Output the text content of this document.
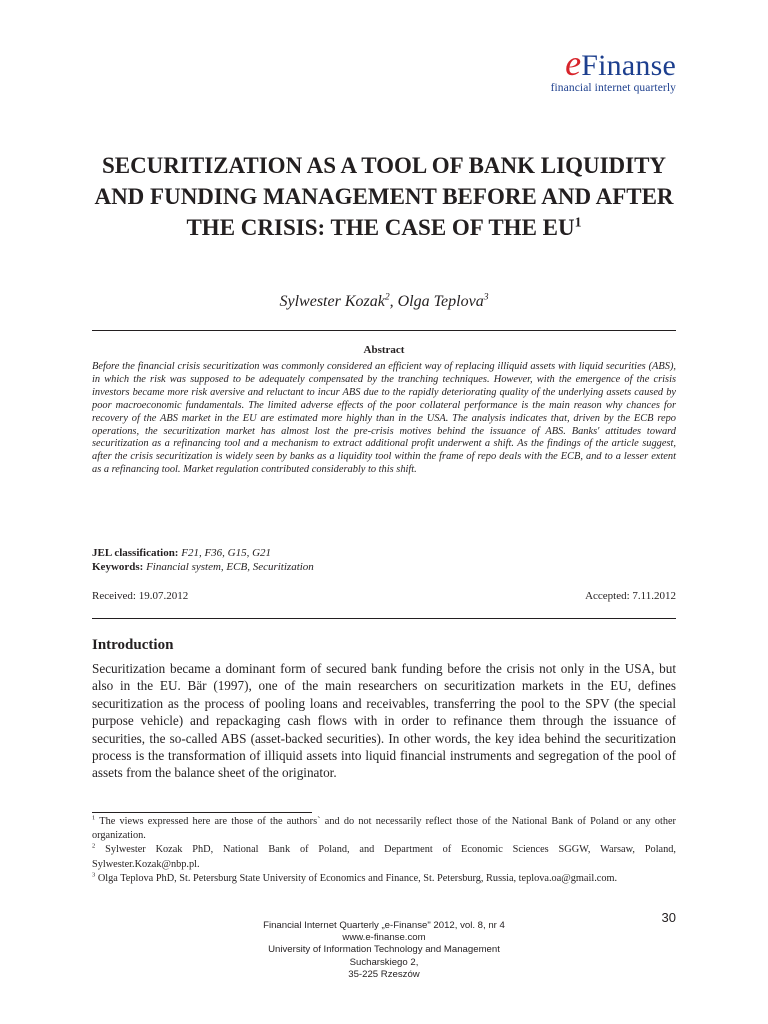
eFinanse
financial internet quarterly
SECURITIZATION AS A TOOL OF BANK LIQUIDITY AND FUNDING MANAGEMENT BEFORE AND AFTER THE CRISIS: THE CASE OF THE $EU^1$
Sylwester Kozak$^2$, Olga Teplova$^3$
Abstract

Before the financial crisis securitization was commonly considered an efficient way of replacing illiquid assets with liquid securities (ABS), in which the risk was supposed to be adequately compensated by the tranching techniques. However, with the emergence of the crisis investors became more risk aversive and reluctant to incur ABS due to the rapidly deteriorating quality of the underlying assets caused by poor macroeconomic fundamentals. The limited adverse effects of the poor collateral performance is the main reason why chances for recovery of the ABS market in the EU are estimated more highly than in the USA. The analysis indicates that, driven by the ECB repo operations, the securitization market has almost lost the pre-crisis motives behind the issuance of ABS. Banks' attitudes toward securitization as a refinancing tool and a mechanism to extract additional profit underwent a shift. As the findings of the article suggest, after the crisis securitization is widely seen by banks as a liquidity tool within the frame of repo deals with the ECB, and to a lesser extent as a refinancing tool. Market regulation contributed considerably to this shift.

JEL classification: F21, F36, G15, G21
Keywords: Financial system, ECB, Securitization
Received: 19.07.2012	Accepted: 7.11.2012
Introduction

Securitization became a dominant form of secured bank funding before the crisis not only in the USA, but also in the EU. Bär (1997), one of the main researchers on securitization markets in the EU, defines securitization as the process of pooling loans and receivables, transferring the pool to the SPV (the special purpose vehicle) and repackaging cash flows with in order to refinance them through the issuance of securities, the so-called ABS (asset-backed securities). In other words, the key idea behind the securitization process is the transformation of illiquid assets into liquid financial instruments and segregation of the pool of assets from the balance sheet of the originator.

$^1$ The views expressed here are those of the authors` and do not necessarily reflect those of the National Bank of Poland or any other organization.
$^2$ Sylwester Kozak PhD, National Bank of Poland, and Department of Economic Sciences SGGW, Warsaw, Poland, Sylwester.Kozak@nbp.pl.
$^3$ Olga Teplova PhD, St. Petersburg State University of Economics and Finance, St. Petersburg, Russia, teplova.oa@gmail.com.
30
Financial Internet Quarterly „e-Finanse" 2012, vol. 8, nr 4
www.e-finanse.com
University of Information Technology and Management
Sucharskiego 2,
35-225 Rzeszów
